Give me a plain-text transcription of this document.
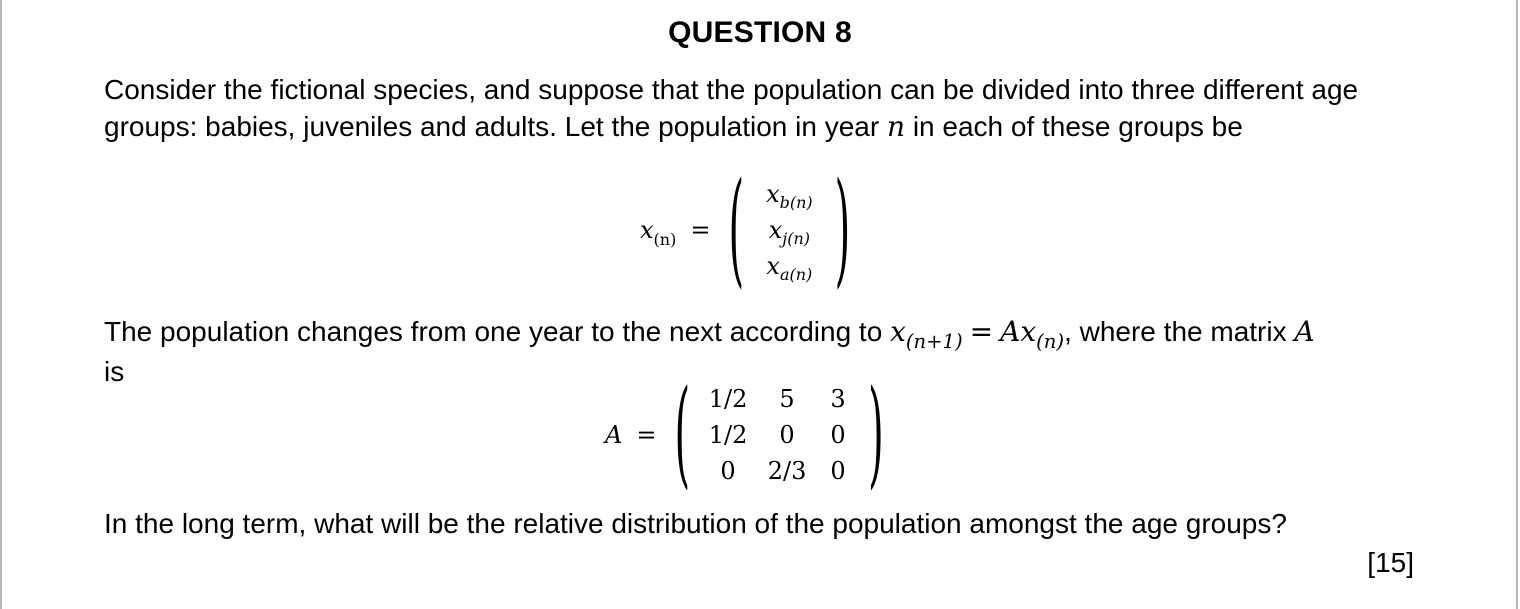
QUESTION 8
Consider the fictional species, and suppose that the population can be divided into three different age groups: babies, juveniles and adults. Let the population in year n in each of these groups be
$x_{(n)}$ = ( $x_{b(n)}$
$x_{j(n)}$
$x_{a(n)}$ )
The population changes from one year to the next according to $x_{(n+1)} = Ax_{(n)}$, where the matrix A
is
A = ( 1/2	5	3
1/2	0	0
0	2/3	0 )
In the long term, what will be the relative distribution of the population amongst the age groups?
[15]
